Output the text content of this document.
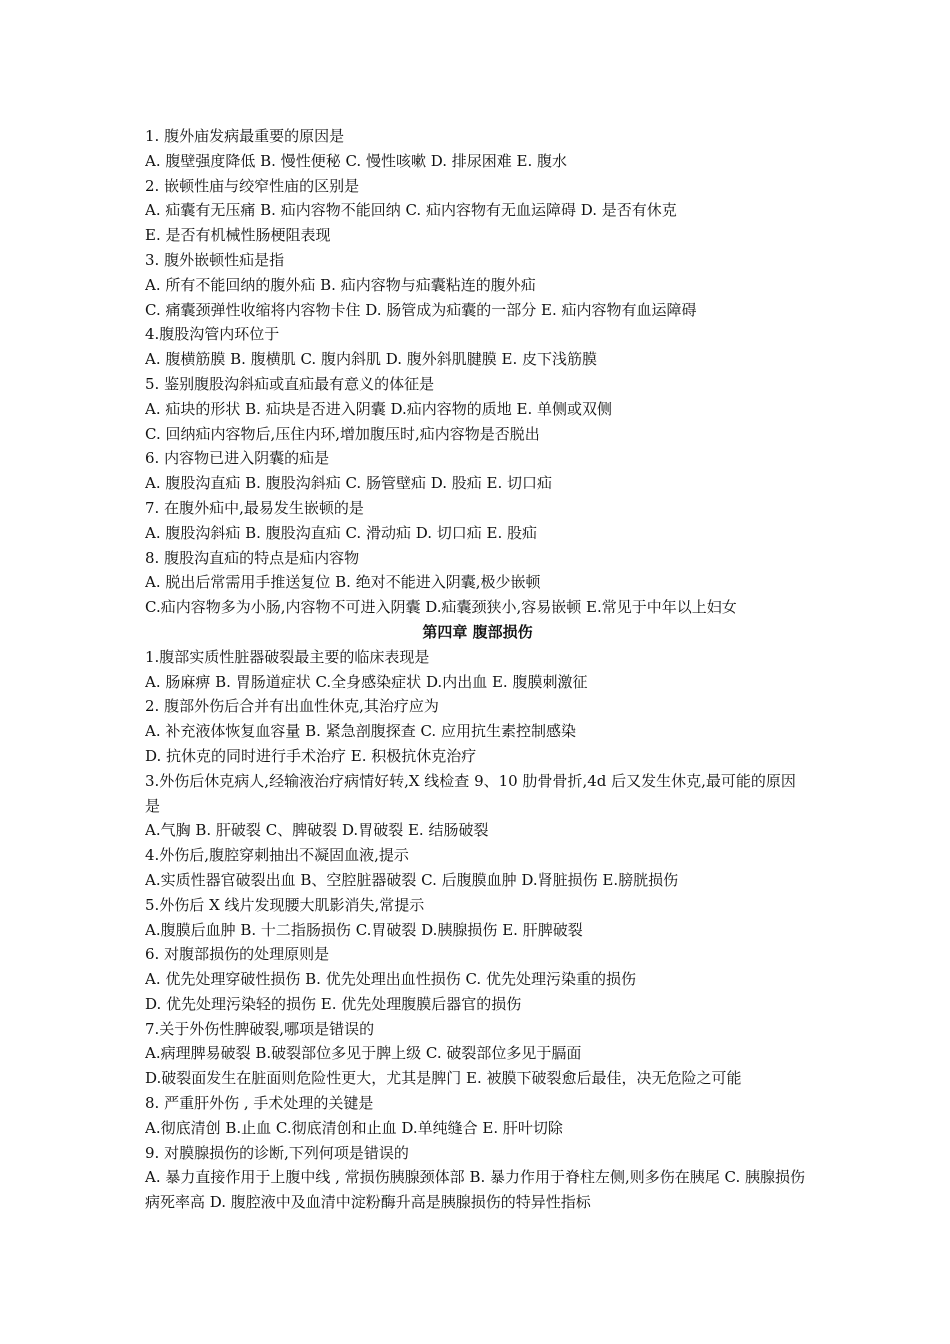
1. 腹外庙发病最重要的原因是
A. 腹壁强度降低 B. 慢性便秘 C. 慢性咳嗽 D. 排尿困难 E. 腹水
2. 嵌顿性庙与绞窄性庙的区别是
A. 疝囊有无压痛 B. 疝内容物不能回纳 C. 疝内容物有无血运障碍 D. 是否有休克
E. 是否有机械性肠梗阻表现
3. 腹外嵌顿性疝是指
A. 所有不能回纳的腹外疝 B. 疝内容物与疝囊粘连的腹外疝
C. 痛囊颈弹性收缩将内容物卡住 D. 肠管成为疝囊的一部分 E. 疝内容物有血运障碍
4.腹股沟管内环位于
A. 腹横筋膜 B. 腹横肌 C. 腹内斜肌 D. 腹外斜肌腱膜 E. 皮下浅筋膜
5. 鉴别腹股沟斜疝或直疝最有意义的体征是
A. 疝块的形状 B. 疝块是否进入阴囊 D.疝内容物的质地 E. 单侧或双侧
C. 回纳疝内容物后,压住内环,增加腹压时,疝内容物是否脱出
6. 内容物已进入阴囊的疝是
A. 腹股沟直疝 B. 腹股沟斜疝 C. 肠管壁疝 D. 股疝 E. 切口疝
7. 在腹外疝中,最易发生嵌顿的是
A. 腹股沟斜疝 B. 腹股沟直疝 C. 滑动疝 D. 切口疝 E. 股疝
8. 腹股沟直疝的特点是疝内容物
A. 脱出后常需用手推送复位 B. 绝对不能进入阴囊,极少嵌顿
C.疝内容物多为小肠,内容物不可进入阴囊 D.疝囊颈狭小,容易嵌顿 E.常见于中年以上妇女
第四章 腹部损伤
1.腹部实质性脏器破裂最主要的临床表现是
A. 肠麻痹 B. 胃肠道症状 C.全身感染症状 D.内出血 E. 腹膜刺激征
2. 腹部外伤后合并有出血性休克,其治疗应为
A. 补充液体恢复血容量 B. 紧急剖腹探查 C. 应用抗生素控制感染
D. 抗休克的同时进行手术治疗 E. 积极抗休克治疗
3.外伤后休克病人,经输液治疗病情好转,X 线检查 9、10 肋骨骨折,4d 后又发生休克,最可能的原因是
A.气胸 B. 肝破裂 C、脾破裂 D.胃破裂 E. 结肠破裂
4.外伤后,腹腔穿刺抽出不凝固血液,提示
A.实质性器官破裂出血 B、空腔脏器破裂 C. 后腹膜血肿 D.肾脏损伤 E.膀胱损伤
5.外伤后 X 线片发现腰大肌影消失,常提示
A.腹膜后血肿 B. 十二指肠损伤 C.胃破裂 D.胰腺损伤 E. 肝脾破裂
6. 对腹部损伤的处理原则是
A. 优先处理穿破性损伤 B. 优先处理出血性损伤 C. 优先处理污染重的损伤
D. 优先处理污染轻的损伤 E. 优先处理腹膜后器官的损伤
7.关于外伤性脾破裂,哪项是错误的
A.病理脾易破裂 B.破裂部位多见于脾上级 C. 破裂部位多见于膈面
D.破裂面发生在脏面则危险性更大，尤其是脾门 E. 被膜下破裂愈后最佳，决无危险之可能
8. 严重肝外伤 , 手术处理的关键是
A.彻底清创 B.止血 C.彻底清创和止血 D.单纯缝合 E. 肝叶切除
9. 对膜腺损伤的诊断,下列何项是错误的
A. 暴力直接作用于上腹中线 , 常损伤胰腺颈体部 B. 暴力作用于脊柱左侧,则多伤在胰尾 C. 胰腺损伤病死率高 D. 腹腔液中及血清中淀粉酶升高是胰腺损伤的特异性指标
